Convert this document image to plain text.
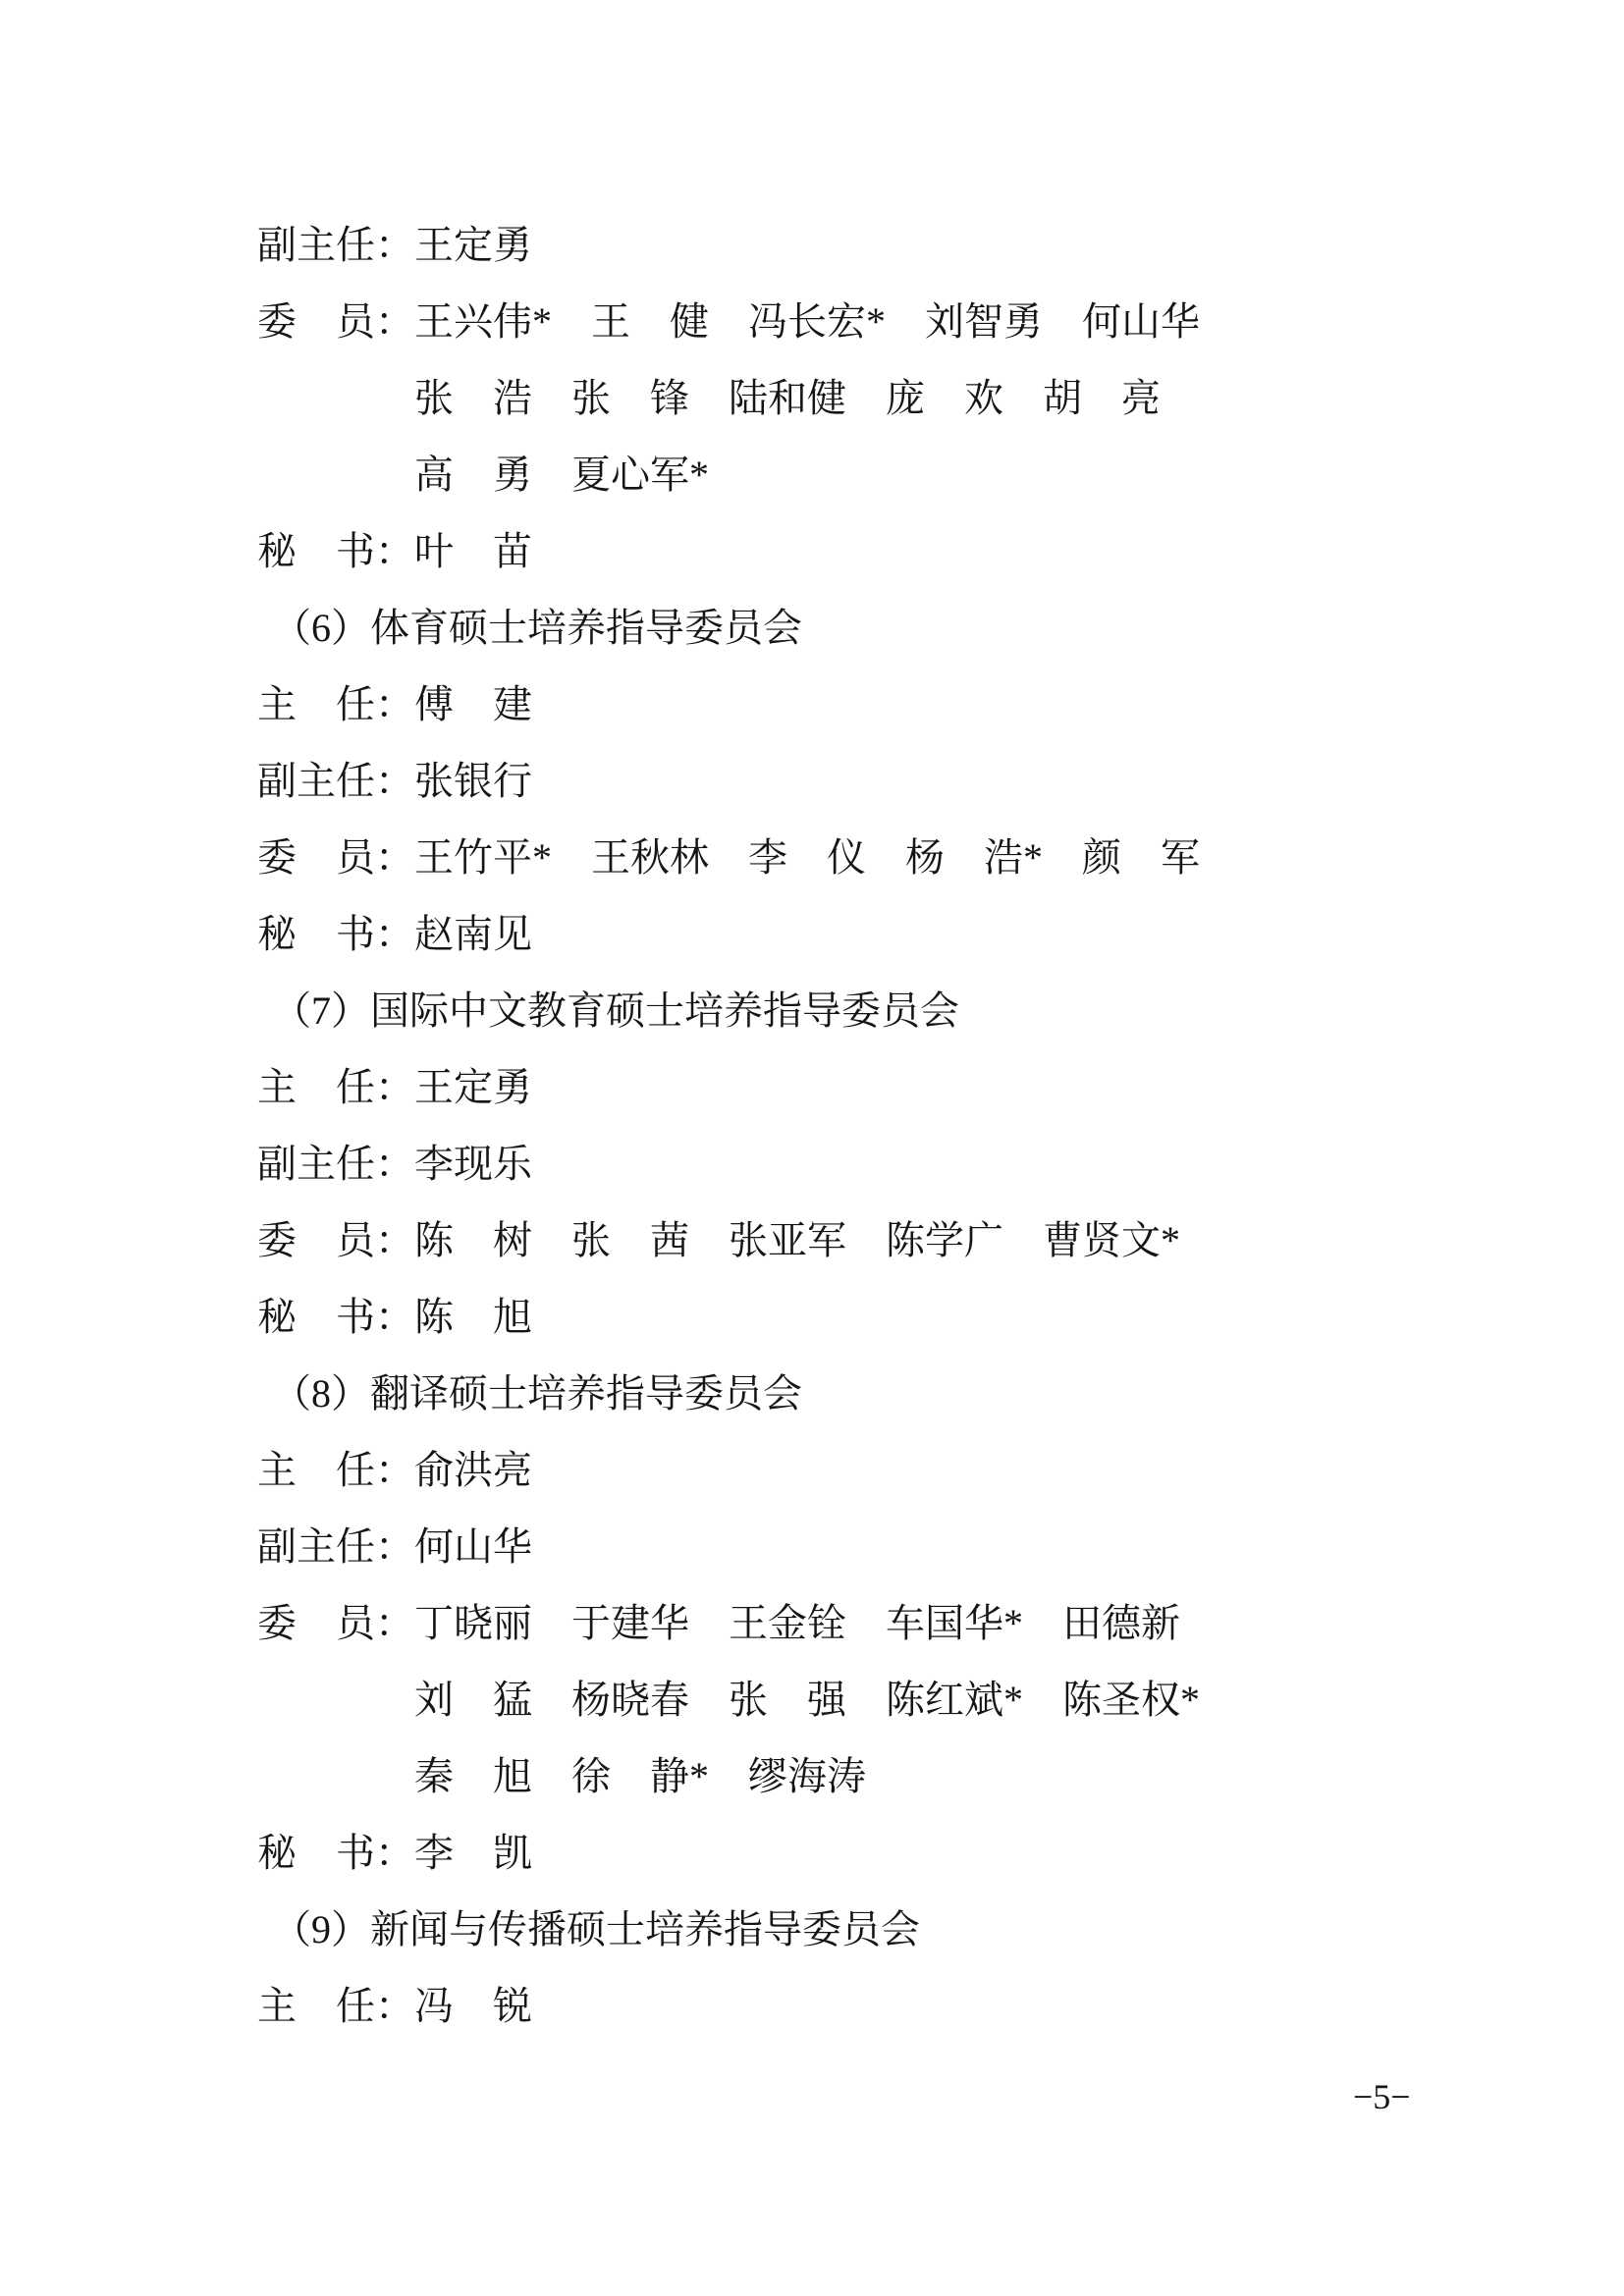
副主任： 王定勇
委　员： 王兴伟*　王　健　冯长宏*　刘智勇　何山华
张　浩　张　锋　陆和健　庞　欢　胡　亮
高　勇　夏心军*
秘　书： 叶　苗
（6）体育硕士培养指导委员会
主　任： 傅　建
副主任： 张银行
委　员： 王竹平*　王秋林　李　仪　杨　浩*　颜　军
秘　书： 赵南见
（7）国际中文教育硕士培养指导委员会
主　任： 王定勇
副主任： 李现乐
委　员： 陈　树　张　茜　张亚军　陈学广　曹贤文*
秘　书： 陈　旭
（8）翻译硕士培养指导委员会
主　任： 俞洪亮
副主任： 何山华
委　员： 丁晓丽　于建华　王金铨　车国华*　田德新
刘　猛　杨晓春　张　强　陈红斌*　陈圣权*
秦　旭　徐　静*　缪海涛
秘　书： 李　凯
（9）新闻与传播硕士培养指导委员会
主　任： 冯　锐
−5−
